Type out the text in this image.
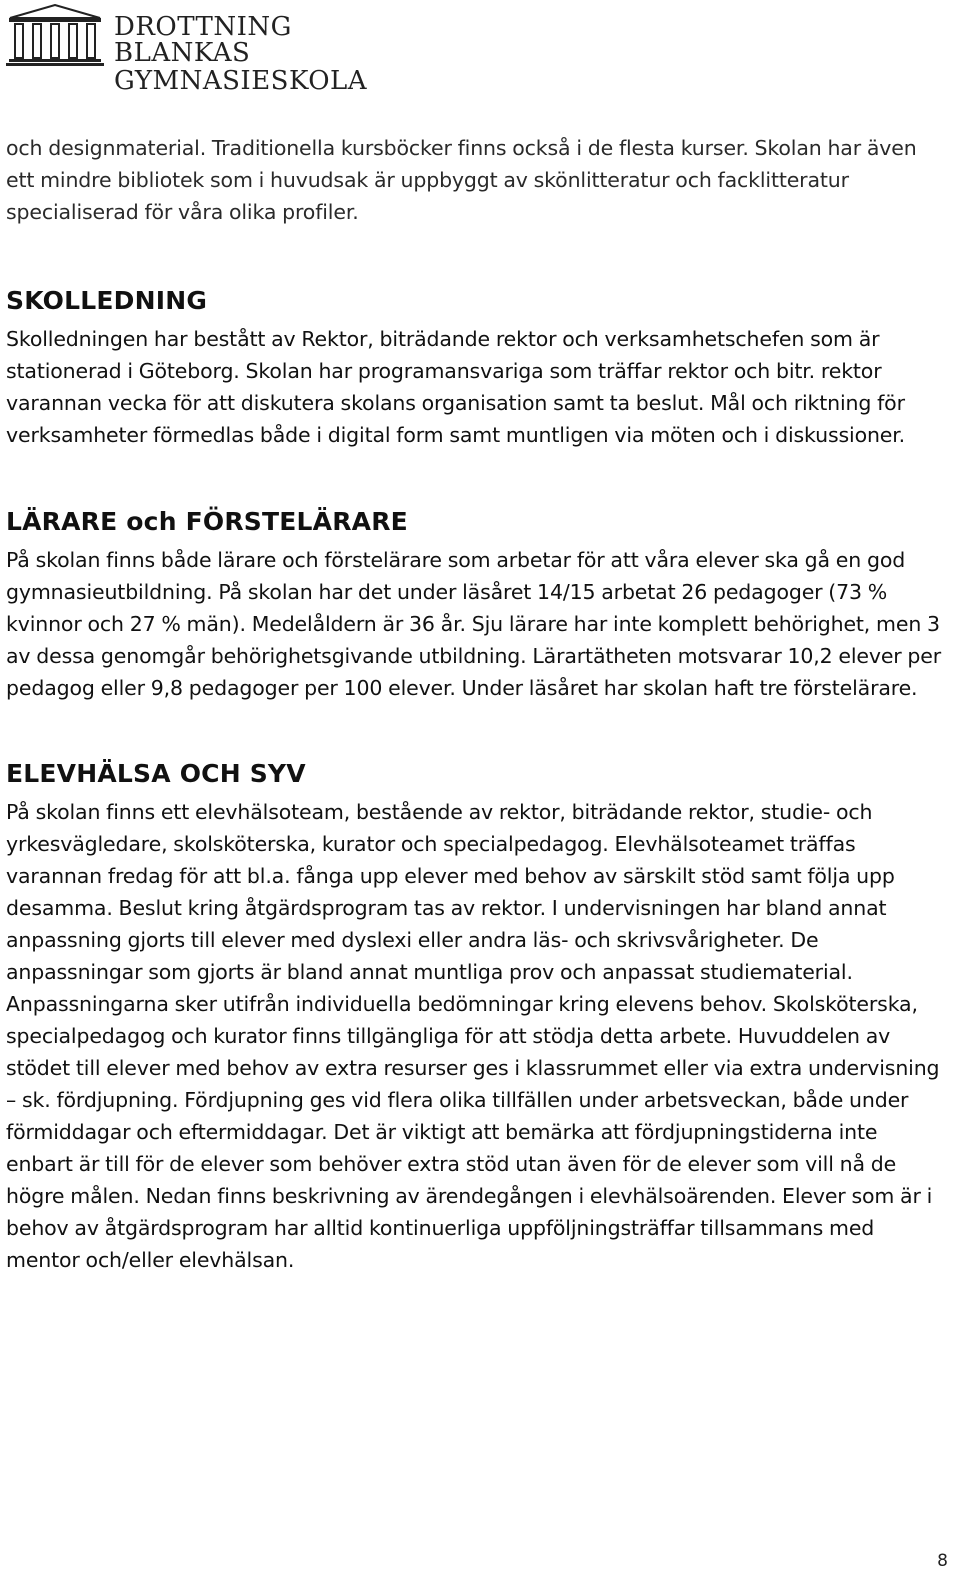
DROTTNING BLANKAS
GYMNASIESKOLA

och designmaterial. Traditionella kursböcker finns också i de flesta kurser. Skolan har även ett mindre bibliotek som i huvudsak är uppbyggt av skönlitteratur och facklitteratur specialiserad för våra olika profiler.

SKOLLEDNING

Skolledningen har bestått av Rektor, biträdande rektor och verksamhetschefen som är stationerad i Göteborg. Skolan har programansvariga som träffar rektor och bitr. rektor varannan vecka för att diskutera skolans organisation samt ta beslut. Mål och riktning för verksamheter förmedlas både i digital form samt muntligen via möten och i diskussioner.

LÄRARE och FÖRSTELÄRARE

På skolan finns både lärare och förstelärare som arbetar för att våra elever ska gå en god gymnasieutbildning. På skolan har det under läsåret 14/15 arbetat 26 pedagoger (73 % kvinnor och 27 % män). Medelåldern är 36 år. Sju lärare har inte komplett behörighet, men 3 av dessa genomgår behörighetsgivande utbildning. Lärartätheten motsvarar 10,2 elever per pedagog eller 9,8 pedagoger per 100 elever. Under läsåret har skolan haft tre förstelärare.

ELEVHÄLSA OCH SYV

På skolan finns ett elevhälsoteam, bestående av rektor, biträdande rektor, studie- och yrkesvägledare, skolsköterska, kurator och specialpedagog. Elevhälsoteamet träffas varannan fredag för att bl.a. fånga upp elever med behov av särskilt stöd samt följa upp desamma. Beslut kring åtgärdsprogram tas av rektor. I undervisningen har bland annat anpassning gjorts till elever med dyslexi eller andra läs- och skrivsvårigheter. De anpassningar som gjorts är bland annat muntliga prov och anpassat studiematerial. Anpassningarna sker utifrån individuella bedömningar kring elevens behov. Skolsköterska, specialpedagog och kurator finns tillgängliga för att stödja detta arbete. Huvuddelen av stödet till elever med behov av extra resurser ges i klassrummet eller via extra undervisning – sk. fördjupning. Fördjupning ges vid flera olika tillfällen under arbetsveckan, både under förmiddagar och eftermiddagar. Det är viktigt att bemärka att fördjupningstiderna inte enbart är till för de elever som behöver extra stöd utan även för de elever som vill nå de högre målen. Nedan finns beskrivning av ärendegången i elevhälsoärenden. Elever som är i behov av åtgärdsprogram har alltid kontinuerliga uppföljningsträffar tillsammans med mentor och/eller elevhälsan.

8
